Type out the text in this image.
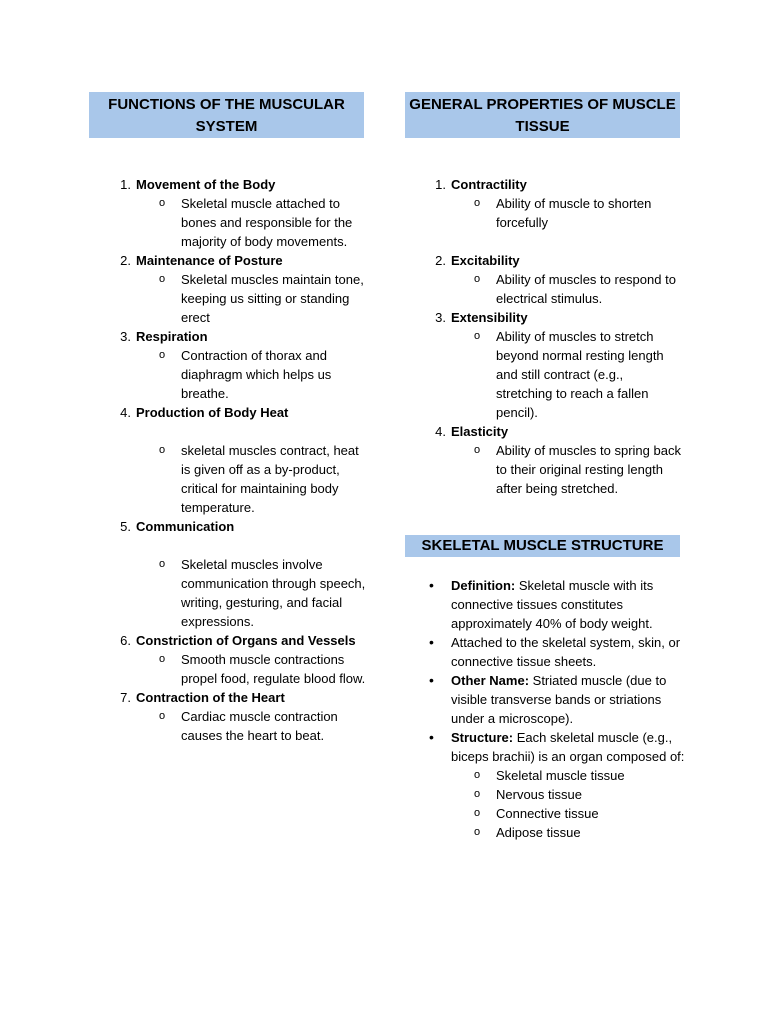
FUNCTIONS OF THE MUSCULAR SYSTEM
GENERAL PROPERTIES OF MUSCLE TISSUE
SKELETAL MUSCLE STRUCTURE
1. Movement of the Body
o Skeletal muscle attached to bones and responsible for the majority of body movements.
2. Maintenance of Posture
o Skeletal muscles maintain tone, keeping us sitting or standing erect
3. Respiration
o Contraction of thorax and diaphragm which helps us breathe.
4. Production of Body Heat
o skeletal muscles contract, heat is given off as a by-product, critical for maintaining body temperature.
5. Communication
o Skeletal muscles involve communication through speech, writing, gesturing, and facial expressions.
6. Constriction of Organs and Vessels
o Smooth muscle contractions propel food, regulate blood flow.
7. Contraction of the Heart
o Cardiac muscle contraction causes the heart to beat.
1. Contractility
o Ability of muscle to shorten forcefully
2. Excitability
o Ability of muscles to respond to electrical stimulus.
3. Extensibility
o Ability of muscles to stretch beyond normal resting length and still contract (e.g., stretching to reach a fallen pencil).
4. Elasticity
o Ability of muscles to spring back to their original resting length after being stretched.
• Definition: Skeletal muscle with its connective tissues constitutes approximately 40% of body weight.
• Attached to the skeletal system, skin, or connective tissue sheets.
• Other Name: Striated muscle (due to visible transverse bands or striations under a microscope).
• Structure: Each skeletal muscle (e.g., biceps brachii) is an organ composed of:
o Skeletal muscle tissue
o Nervous tissue
o Connective tissue
o Adipose tissue
